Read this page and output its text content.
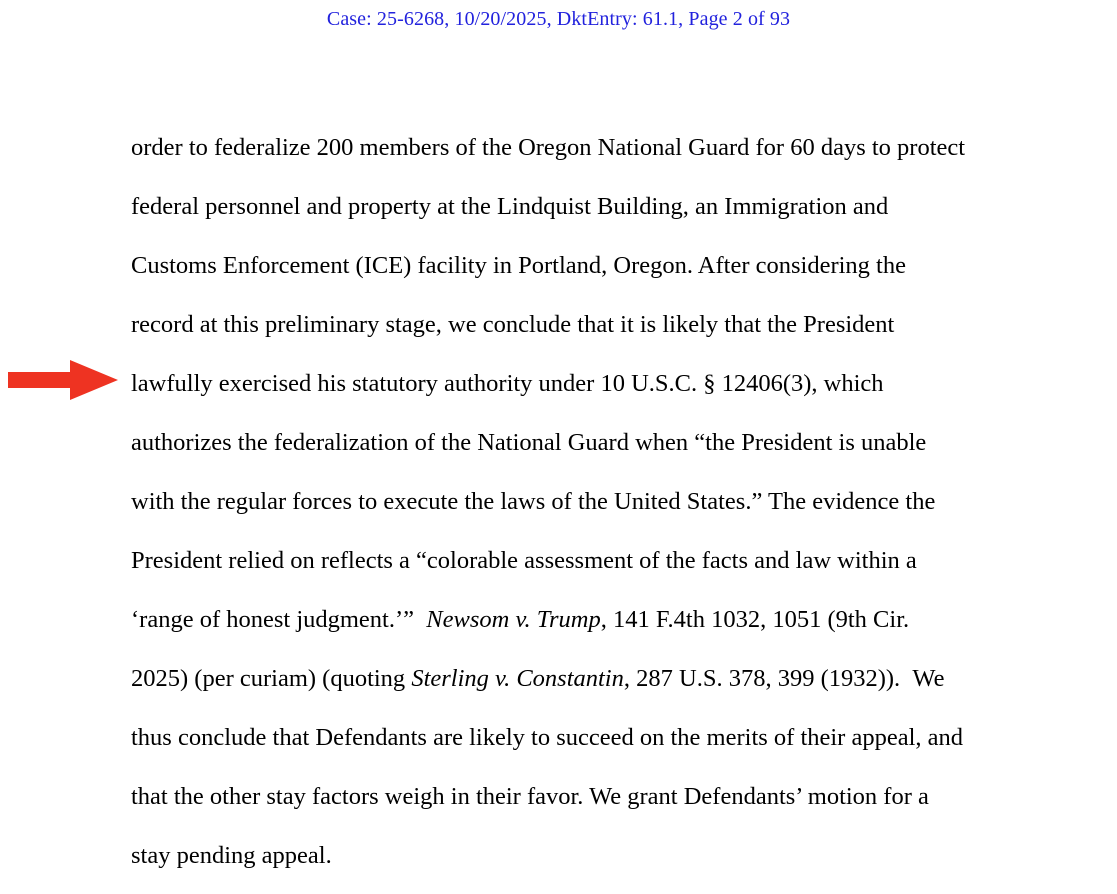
Case: 25-6268, 10/20/2025, DktEntry: 61.1, Page 2 of 93

order to federalize 200 members of the Oregon National Guard for 60 days to protect

federal personnel and property at the Lindquist Building, an Immigration and

Customs Enforcement (ICE) facility in Portland, Oregon. After considering the

record at this preliminary stage, we conclude that it is likely that the President

lawfully exercised his statutory authority under 10 U.S.C. § 12406(3), which

authorizes the federalization of the National Guard when “the President is unable

with the regular forces to execute the laws of the United States.” The evidence the

President relied on reflects a “colorable assessment of the facts and law within a

‘range of honest judgment.’”  Newsom v. Trump, 141 F.4th 1032, 1051 (9th Cir.

2025) (per curiam) (quoting Sterling v. Constantin, 287 U.S. 378, 399 (1932)).  We

thus conclude that Defendants are likely to succeed on the merits of their appeal, and

that the other stay factors weigh in their favor. We grant Defendants’ motion for a

stay pending appeal.
